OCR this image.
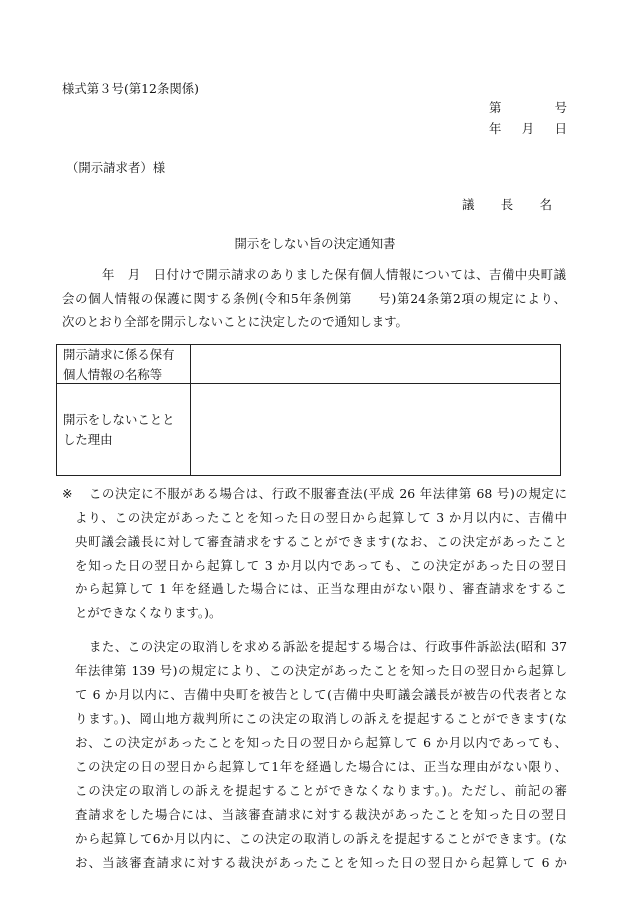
様式第３号(第12条関係)
第	号
年 月 日
（開示請求者）様
議 長 名
開示をしない旨の決定通知書
年　月　日付けで開示請求のありました保有個人情報については、吉備中央町議
会の個人情報の保護に関する条例(令和5年条例第　　号)第24条第2項の規定により、
次のとおり全部を開示しないことに決定したので通知します。
開示請求に係る保有
個人情報の名称等
開示をしないことと
した理由
※ この決定に不服がある場合は、行政不服審査法(平成 26 年法律第 68 号)の規定に
より、この決定があったことを知った日の翌日から起算して 3 か月以内に、吉備中
央町議会議長に対して審査請求をすることができます(なお、この決定があったこと
を知った日の翌日から起算して 3 か月以内であっても、この決定があった日の翌日
から起算して 1 年を経過した場合には、正当な理由がない限り、審査請求をするこ
とができなくなります。)。
また、この決定の取消しを求める訴訟を提起する場合は、行政事件訴訟法(昭和 37
年法律第 139 号)の規定により、この決定があったことを知った日の翌日から起算し
て 6 か月以内に、吉備中央町を被告として(吉備中央町議会議長が被告の代表者とな
ります。)、岡山地方裁判所にこの決定の取消しの訴えを提起することができます(な
お、この決定があったことを知った日の翌日から起算して 6 か月以内であっても、
この決定の日の翌日から起算して1年を経過した場合には、正当な理由がない限り、
この決定の取消しの訴えを提起することができなくなります。)。ただし、前記の審
査請求をした場合には、当該審査請求に対する裁決があったことを知った日の翌日
から起算して6か月以内に、この決定の取消しの訴えを提起することができます。(な
お、当該審査請求に対する裁決があったことを知った日の翌日から起算して 6 か
